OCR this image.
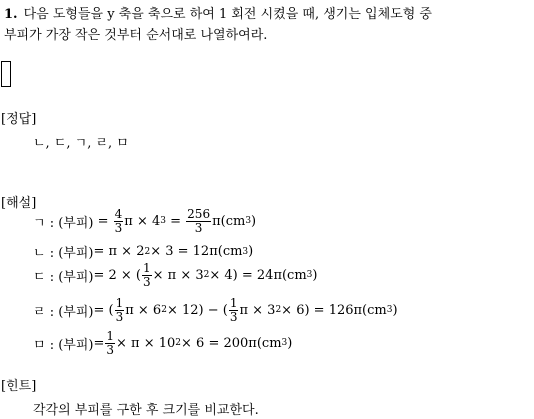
1. 다음 도형들을 y 축을 축으로 하여 1 회전 시켰을 때, 생기는 입체도형 중
부피가 가장 작은 것부터 순서대로 나열하여라.
[정답]
ㄴ, ㄷ, ㄱ, ㄹ, ㅁ
[해설]
ㄱ : (부피) = $\frac{4}{3}$ π × 4 $3 = \frac{256}{3} \pi(cm$ 3 )
ㄴ : (부피) = π × 2 2 × 3 = 12π(cm 3 )
ㄷ : (부피) = 2 × ( $\frac{1}{3} \times \pi \times 3$ 2 × 4) = 24π(cm 3 )
ㄹ : (부피) = ( $\frac{1}{3}$ π × 6 2 × 12) − ( $\frac{1}{3}$ π × 3 2 × 6) = 126π(cm 3 )
ㅁ : (부피) = $\frac{1}{3} \times \pi \times 10$ 2 × 6 = 200π(cm 3 )
[힌트]
각각의 부피를 구한 후 크기를 비교한다.
